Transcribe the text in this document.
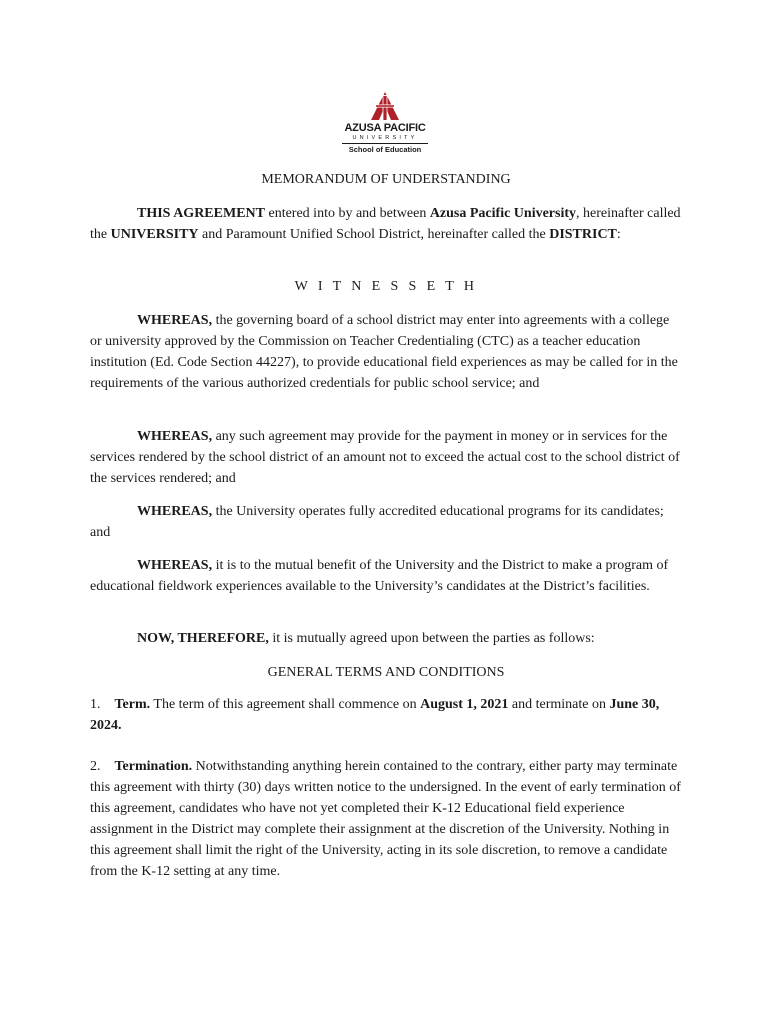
AZUSA PACIFIC
UNIVERSITY
School of Education
MEMORANDUM OF UNDERSTANDING
THIS AGREEMENT entered into by and between Azusa Pacific University, hereinafter called the UNIVERSITY and Paramount Unified School District, hereinafter called the DISTRICT:
W I T N E S S E T H
WHEREAS, the governing board of a school district may enter into agreements with a college or university approved by the Commission on Teacher Credentialing (CTC) as a teacher education institution (Ed. Code Section 44227), to provide educational field experiences as may be called for in the requirements of the various authorized credentials for public school service; and
WHEREAS, any such agreement may provide for the payment in money or in services for the services rendered by the school district of an amount not to exceed the actual cost to the school district of the services rendered; and
WHEREAS, the University operates fully accredited educational programs for its candidates; and
WHEREAS, it is to the mutual benefit of the University and the District to make a program of educational fieldwork experiences available to the University’s candidates at the District’s facilities.
NOW, THEREFORE, it is mutually agreed upon between the parties as follows:
GENERAL TERMS AND CONDITIONS
1. Term. The term of this agreement shall commence on August 1, 2021 and terminate on June 30, 2024.
2. Termination. Notwithstanding anything herein contained to the contrary, either party may terminate this agreement with thirty (30) days written notice to the undersigned. In the event of early termination of this agreement, candidates who have not yet completed their K-12 Educational field experience assignment in the District may complete their assignment at the discretion of the University. Nothing in this agreement shall limit the right of the University, acting in its sole discretion, to remove a candidate from the K-12 setting at any time.
